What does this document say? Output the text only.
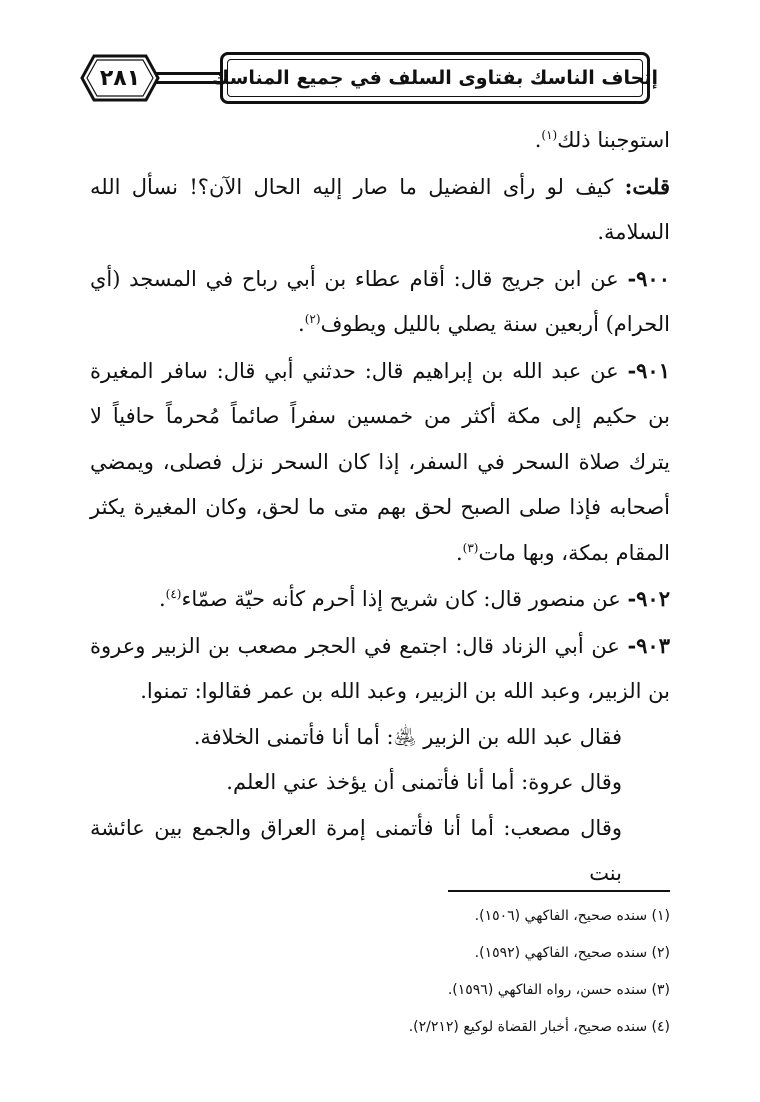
٢٨١	إتحاف الناسك بفتاوى السلف في جميع المناسك

استوجبنا ذلك$^{(١)}$.

قلت: كيف لو رأى الفضيل ما صار إليه الحال الآن؟! نسأل الله السلامة.

٩٠٠- عن ابن جريج قال: أقام عطاء بن أبي رباح في المسجد (أي الحرام) أربعين سنة يصلي بالليل ويطوف$^{(٢)}$.

٩٠١- عن عبد الله بن إبراهيم قال: حدثني أبي قال: سافر المغيرة بن حكيم إلى مكة أكثر من خمسين سفراً صائماً مُحرماً حافياً لا يترك صلاة السحر في السفر، إذا كان السحر نزل فصلى، ويمضي أصحابه فإذا صلى الصبح لحق بهم متى ما لحق، وكان المغيرة يكثر المقام بمكة، وبها مات$^{(٣)}$.

٩٠٢- عن منصور قال: كان شريح إذا أحرم كأنه حيّة صمّاء$^{(٤)}$.

٩٠٣- عن أبي الزناد قال: اجتمع في الحجر مصعب بن الزبير وعروة بن الزبير، وعبد الله بن الزبير، وعبد الله بن عمر فقالوا: تمنوا.

فقال عبد الله بن الزبير ﵁: أما أنا فأتمنى الخلافة.

وقال عروة: أما أنا فأتمنى أن يؤخذ عني العلم.

وقال مصعب: أما أنا فأتمنى إمرة العراق والجمع بين عائشة بنت

(١) سنده صحيح، الفاكهي (١٥٠٦).
(٢) سنده صحيح، الفاكهي (١٥٩٢).
(٣) سنده حسن، رواه الفاكهي (١٥٩٦).
(٤) سنده صحيح، أخبار القضاة لوكيع (٢/٢١٢).
